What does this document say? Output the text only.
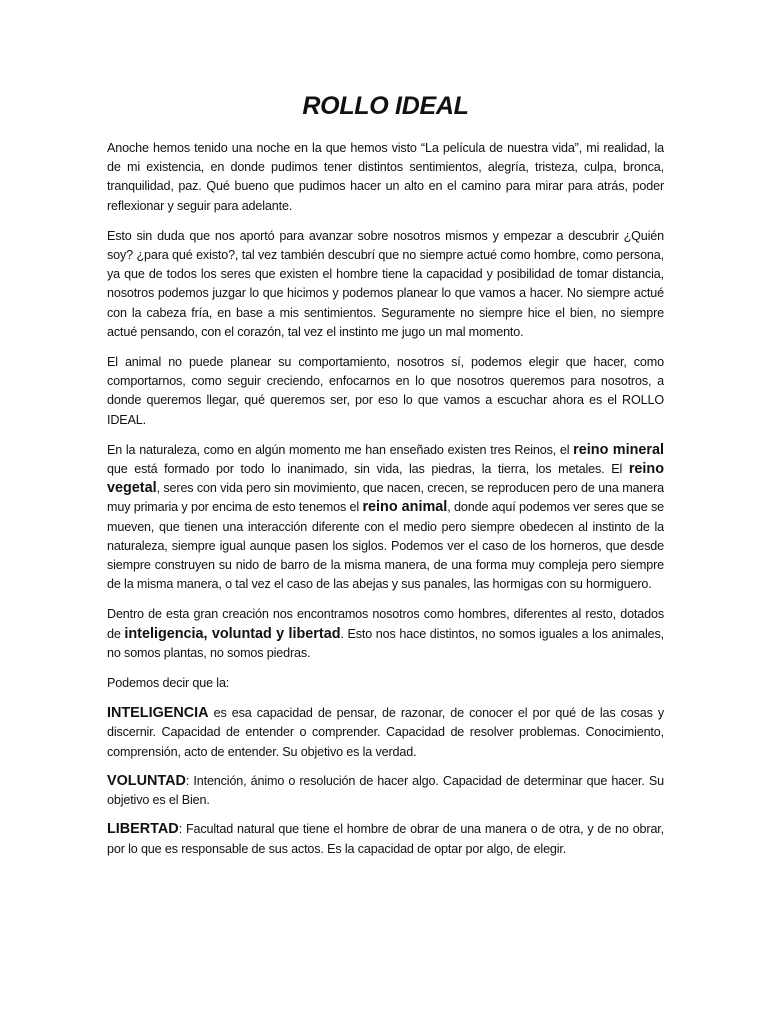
ROLLO IDEAL

Anoche hemos tenido una noche en la que hemos visto “La película de nuestra vida”, mi realidad, la de mi existencia, en donde pudimos tener distintos sentimientos, alegría, tristeza, culpa, bronca, tranquilidad, paz. Qué bueno que pudimos hacer un alto en el camino para mirar para atrás, poder reflexionar y seguir para adelante.

Esto sin duda que nos aportó para avanzar sobre nosotros mismos y empezar a descubrir ¿Quién soy? ¿para qué existo?, tal vez también descubrí que no siempre actué como hombre, como persona, ya que de todos los seres que existen el hombre tiene la capacidad y posibilidad de tomar distancia, nosotros podemos juzgar lo que hicimos y podemos planear lo que vamos a hacer. No siempre actué con la cabeza fría, en base a mis sentimientos. Seguramente no siempre hice el bien, no siempre actué pensando, con el corazón, tal vez el instinto me jugo un mal momento.

El animal no puede planear su comportamiento, nosotros sí, podemos elegir que hacer, como comportarnos, como seguir creciendo, enfocarnos en lo que nosotros queremos para nosotros, a donde queremos llegar, qué queremos ser, por eso lo que vamos a escuchar ahora es el ROLLO IDEAL.

En la naturaleza, como en algún momento me han enseñado existen tres Reinos, el reino mineral que está formado por todo lo inanimado, sin vida, las piedras, la tierra, los metales. El reino vegetal, seres con vida pero sin movimiento, que nacen, crecen, se reproducen pero de una manera muy primaria y por encima de esto tenemos el reino animal, donde aquí podemos ver seres que se mueven, que tienen una interacción diferente con el medio pero siempre obedecen al instinto de la naturaleza, siempre igual aunque pasen los siglos. Podemos ver el caso de los horneros, que desde siempre construyen su nido de barro de la misma manera, de una forma muy compleja pero siempre de la misma manera, o tal vez el caso de las abejas y sus panales, las hormigas con su hormiguero.

Dentro de esta gran creación nos encontramos nosotros como hombres, diferentes al resto, dotados de inteligencia, voluntad y libertad. Esto nos hace distintos, no somos iguales a los animales, no somos plantas, no somos piedras.

Podemos decir que la:

INTELIGENCIA es esa capacidad de pensar, de razonar, de conocer el por qué de las cosas y discernir. Capacidad de entender o comprender. Capacidad de resolver problemas. Conocimiento, comprensión, acto de entender. Su objetivo es la verdad.

VOLUNTAD: Intención, ánimo o resolución de hacer algo. Capacidad de determinar que hacer. Su objetivo es el Bien.

LIBERTAD: Facultad natural que tiene el hombre de obrar de una manera o de otra, y de no obrar, por lo que es responsable de sus actos. Es la capacidad de optar por algo, de elegir.
